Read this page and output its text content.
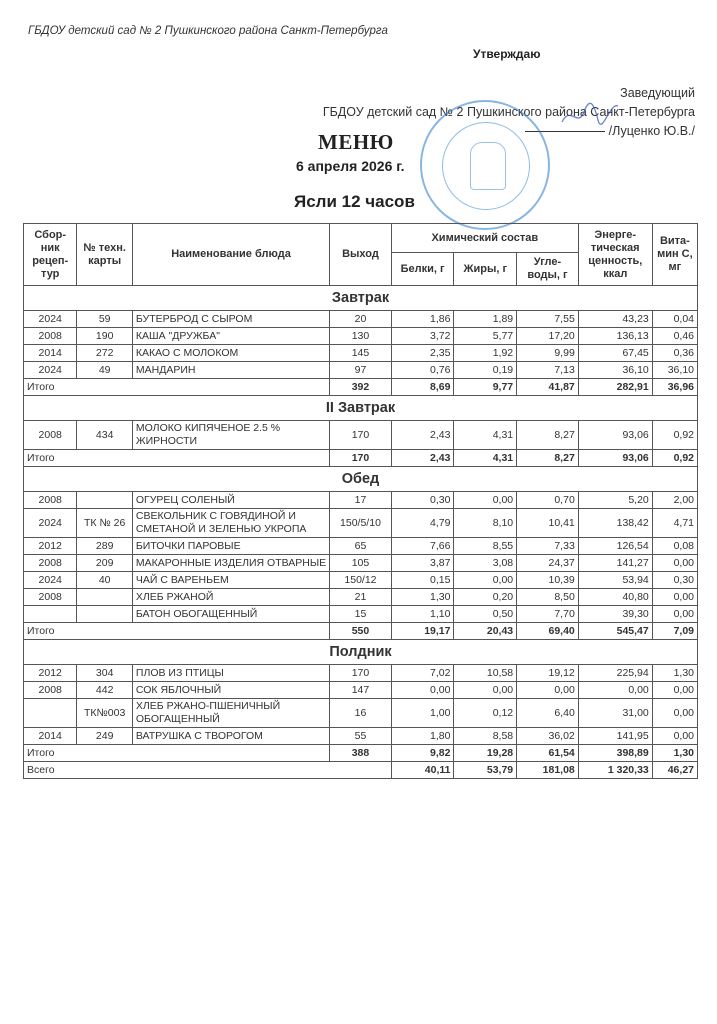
ГБДОУ детский сад № 2 Пушкинского района Санкт-Петербурга
Утверждаю
Заведующий
ГБДОУ детский сад № 2 Пушкинского района Санкт-Петербурга
/Луценко Ю.В./
МЕНЮ
6 апреля 2026 г.
Ясли 12 часов
Сбор-ник рецеп-тур	№ техн. карты	Наименование блюда	Выход	Химический состав			Энерге-тическая ценность, ккал	Вита-мин С, мг
				Белки, г	Жиры, г	Угле-воды, г		
Завтрак								
2024	59	БУТЕРБРОД С СЫРОМ	20	1,86	1,89	7,55	43,23	0,04
2008	190	КАША "ДРУЖБА"	130	3,72	5,77	17,20	136,13	0,46
2014	272	КАКАО С МОЛОКОМ	145	2,35	1,92	9,99	67,45	0,36
2024	49	МАНДАРИН	97	0,76	0,19	7,13	36,10	36,10
Итого			392	8,69	9,77	41,87	282,91	36,96
II Завтрак								
2008	434	МОЛОКО КИПЯЧЕНОЕ 2.5 % ЖИРНОСТИ	170	2,43	4,31	8,27	93,06	0,92
Итого			170	2,43	4,31	8,27	93,06	0,92
Обед								
2008		ОГУРЕЦ СОЛЕНЫЙ	17	0,30	0,00	0,70	5,20	2,00
2024	ТК № 26	СВЕКОЛЬНИК С ГОВЯДИНОЙ И СМЕТАНОЙ И ЗЕЛЕНЬЮ УКРОПА	150/5/10	4,79	8,10	10,41	138,42	4,71
2012	289	БИТОЧКИ ПАРОВЫЕ	65	7,66	8,55	7,33	126,54	0,08
2008	209	МАКАРОННЫЕ ИЗДЕЛИЯ ОТВАРНЫЕ	105	3,87	3,08	24,37	141,27	0,00
2024	40	ЧАЙ С ВАРЕНЬЕМ	150/12	0,15	0,00	10,39	53,94	0,30
2008		ХЛЕБ РЖАНОЙ	21	1,30	0,20	8,50	40,80	0,00
		БАТОН ОБОГАЩЕННЫЙ	15	1,10	0,50	7,70	39,30	0,00
Итого			550	19,17	20,43	69,40	545,47	7,09
Полдник								
2012	304	ПЛОВ ИЗ ПТИЦЫ	170	7,02	10,58	19,12	225,94	1,30
2008	442	СОК ЯБЛОЧНЫЙ	147	0,00	0,00	0,00	0,00	0,00
	ТК№003	ХЛЕБ РЖАНО-ПШЕНИЧНЫЙ ОБОГАЩЕННЫЙ	16	1,00	0,12	6,40	31,00	0,00
2014	249	ВАТРУШКА С ТВОРОГОМ	55	1,80	8,58	36,02	141,95	0,00
Итого			388	9,82	19,28	61,54	398,89	1,30
Всего				40,11	53,79	181,08	1 320,33	46,27
